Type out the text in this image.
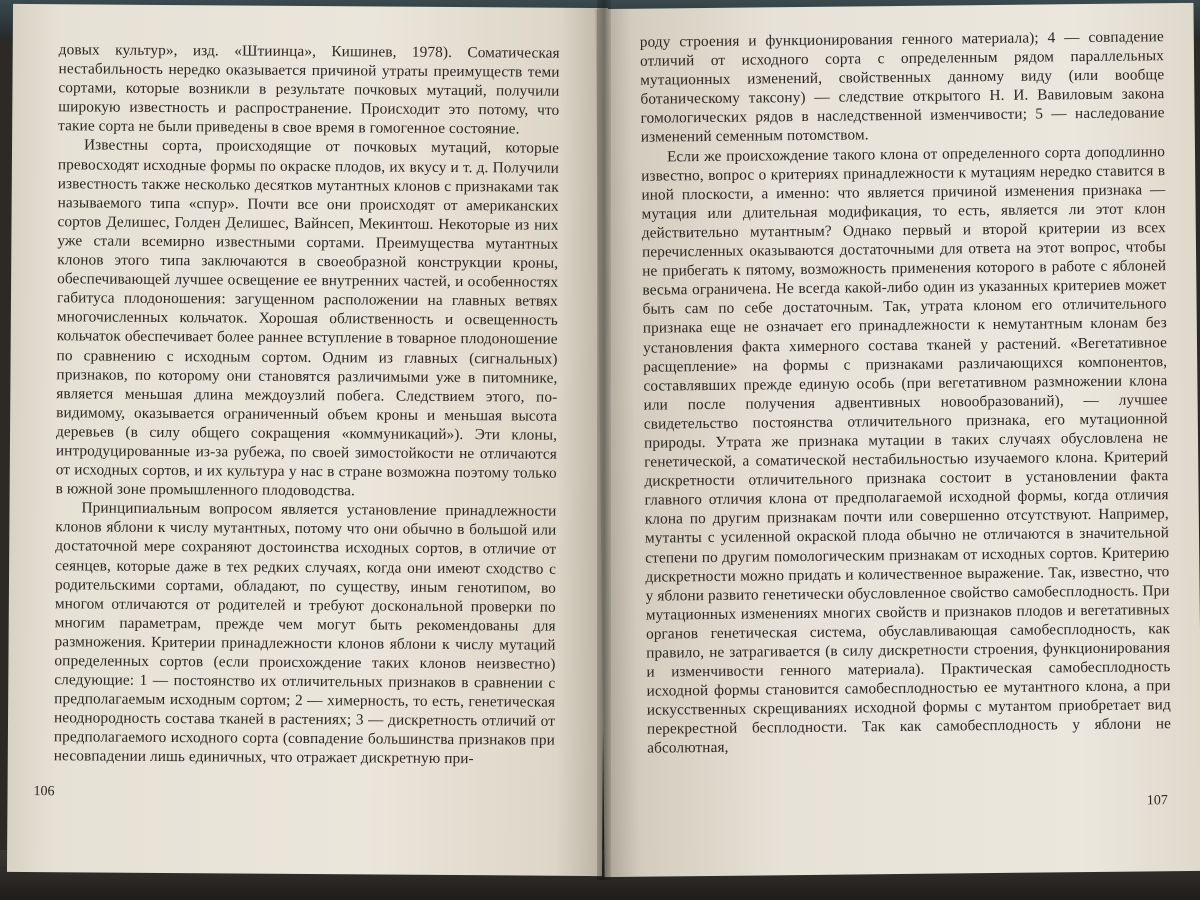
довых культур», изд. «Штиинца», Кишинев, 1978). Соматическая нестабильность нередко оказывается причиной утраты преимуществ теми сортами, которые возникли в результате почковых мутаций, получили широкую известность и распространение. Происходит это потому, что такие сорта не были приведены в свое время в гомогенное состояние.

Известны сорта, происходящие от почковых мутаций, которые превосходят исходные формы по окраске плодов, их вкусу и т. д. Получили известность также несколько десятков мутантных клонов с признаками так называемого типа «спур». Почти все они происходят от американских сортов Делишес, Голден Делишес, Вайнсеп, Мекинтош. Некоторые из них уже стали всемирно известными сортами. Преимущества мутантных клонов этого типа заключаются в своеобразной конструкции кроны, обеспечивающей лучшее освещение ее внутренних частей, и особенностях габитуса плодоношения: загущенном расположении на главных ветвях многочисленных кольчаток. Хорошая облиственность и освещенность кольчаток обеспечивает более раннее вступление в товарное плодоношение по сравнению с исходным сортом. Одним из главных (сигнальных) признаков, по которому они становятся различимыми уже в питомнике, является меньшая длина междоузлий побега. Следствием этого, по-видимому, оказывается ограниченный объем кроны и меньшая высота деревьев (в силу общего сокращения «коммуникаций»). Эти клоны, интродуцированные из-за рубежа, по своей зимостойкости не отличаются от исходных сортов, и их культура у нас в стране возможна поэтому только в южной зоне промышленного плодоводства.

Принципиальным вопросом является установление принадлежности клонов яблони к числу мутантных, потому что они обычно в большой или достаточной мере сохраняют достоинства исходных сортов, в отличие от сеянцев, которые даже в тех редких случаях, когда они имеют сходство с родительскими сортами, обладают, по существу, иным генотипом, во многом отличаются от родителей и требуют доскональной проверки по многим параметрам, прежде чем могут быть рекомендованы для размножения. Критерии принадлежности клонов яблони к числу мутаций определенных сортов (если происхождение таких клонов неизвестно) следующие: 1 — постоянство их отличительных признаков в сравнении с предполагаемым исходным сортом; 2 — химерность, то есть, генетическая неоднородность состава тканей в растениях; 3 — дискретность отличий от предполагаемого исходного сорта (совпадение большинства признаков при несовпадении лишь единичных, что отражает дискретную при-

106

роду строения и функционирования генного материала); 4 — совпадение отличий от исходного сорта с определенным рядом параллельных мутационных изменений, свойственных данному виду (или вообще ботаническому таксону) — следствие открытого Н. И. Вавиловым закона гомологических рядов в наследственной изменчивости; 5 — наследование изменений семенным потомством.

Если же происхождение такого клона от определенного сорта доподлинно известно, вопрос о критериях принадлежности к мутациям нередко ставится в иной плоскости, а именно: что является причиной изменения признака — мутация или длительная модификация, то есть, является ли этот клон действительно мутантным? Однако первый и второй критерии из всех перечисленных оказываются достаточными для ответа на этот вопрос, чтобы не прибегать к пятому, возможность применения которого в работе с яблоней весьма ограничена. Не всегда какой-либо один из указанных критериев может быть сам по себе достаточным. Так, утрата клоном его отличительного признака еще не означает его принадлежности к немутантным клонам без установления факта химерного состава тканей у растений. «Вегетативное расщепление» на формы с признаками различающихся компонентов, составлявших прежде единую особь (при вегетативном размножении клона или после получения адвентивных новообразований), — лучшее свидетельство постоянства отличительного признака, его мутационной природы. Утрата же признака мутации в таких случаях обусловлена не генетической, а соматической нестабильностью изучаемого клона. Критерий дискретности отличительного признака состоит в установлении факта главного отличия клона от предполагаемой исходной формы, когда отличия клона по другим признакам почти или совершенно отсутствуют. Например, мутанты с усиленной окраской плода обычно не отличаются в значительной степени по другим помологическим признакам от исходных сортов. Критерию дискретности можно придать и количественное выражение. Так, известно, что у яблони развито генетически обусловленное свойство самобесплодность. При мутационных изменениях многих свойств и признаков плодов и вегетативных органов генетическая система, обуславливающая самобесплодность, как правило, не затрагивается (в силу дискретности строения, функционирования и изменчивости генного материала). Практическая самобесплодность исходной формы становится самобесплодностью ее мутантного клона, а при искусственных скрещиваниях исходной формы с мутантом приобретает вид перекрестной бесплодности. Так как самобесплодность у яблони не абсолютная,

107
